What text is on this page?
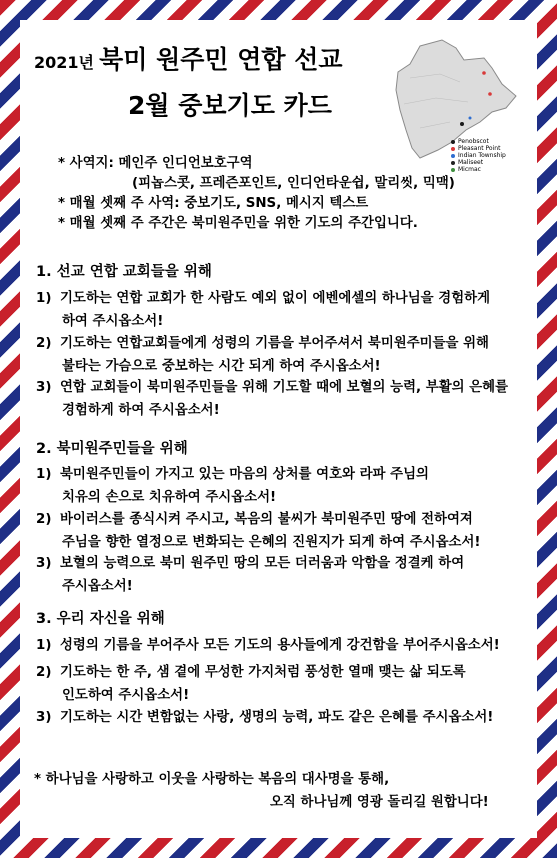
2021년 북미 원주민 연합 선교
2월 중보기도 카드
Penobscot
Pleasant Point
Indian Township
Maliseet
Micmac
* 사역지: 메인주 인디언보호구역
(피놉스콧, 프레즌포인트, 인디언타운쉽, 말리씻, 믹맥)
* 매월 셋째 주 사역: 중보기도, SNS, 메시지 텍스트
* 매월 셋째 주 주간은 북미원주민을 위한 기도의 주간입니다.
1. 선교 연합 교회들을 위해
1) 기도하는 연합 교회가 한 사람도 예외 없이 에벤에셀의 하나님을 경험하게
하여 주시옵소서!
2) 기도하는 연합교회들에게 성령의 기름을 부어주셔서 북미원주미들을 위해
불타는 가슴으로 중보하는 시간 되게 하여 주시옵소서!
3) 연합 교회들이 북미원주민들을 위해 기도할 때에 보혈의 능력, 부활의 은혜를
경험하게 하여 주시옵소서!
2. 북미원주민들을 위해
1) 북미원주민들이 가지고 있는 마음의 상처를 여호와 라파 주님의
치유의 손으로 치유하여 주시옵소서!
2) 바이러스를 종식시켜 주시고, 복음의 불씨가 북미원주민 땅에 전하여져
주님을 향한 열정으로 변화되는 은혜의 진원지가 되게 하여 주시옵소서!
3) 보혈의 능력으로 북미 원주민 땅의 모든 더러움과 악함을 정결케 하여
주시옵소서!
3. 우리 자신을 위해
1) 성령의 기름을 부어주사 모든 기도의 용사들에게 강건함을 부어주시옵소서!
2) 기도하는 한 주, 샘 곁에 무성한 가지처럼 풍성한 열매 맺는 삶 되도록
인도하여 주시옵소서!
3) 기도하는 시간 변함없는 사랑, 생명의 능력, 파도 같은 은혜를 주시옵소서!
* 하나님을 사랑하고 이웃을 사랑하는 복음의 대사명을 통해,
오직 하나님께 영광 돌리길 원합니다!
